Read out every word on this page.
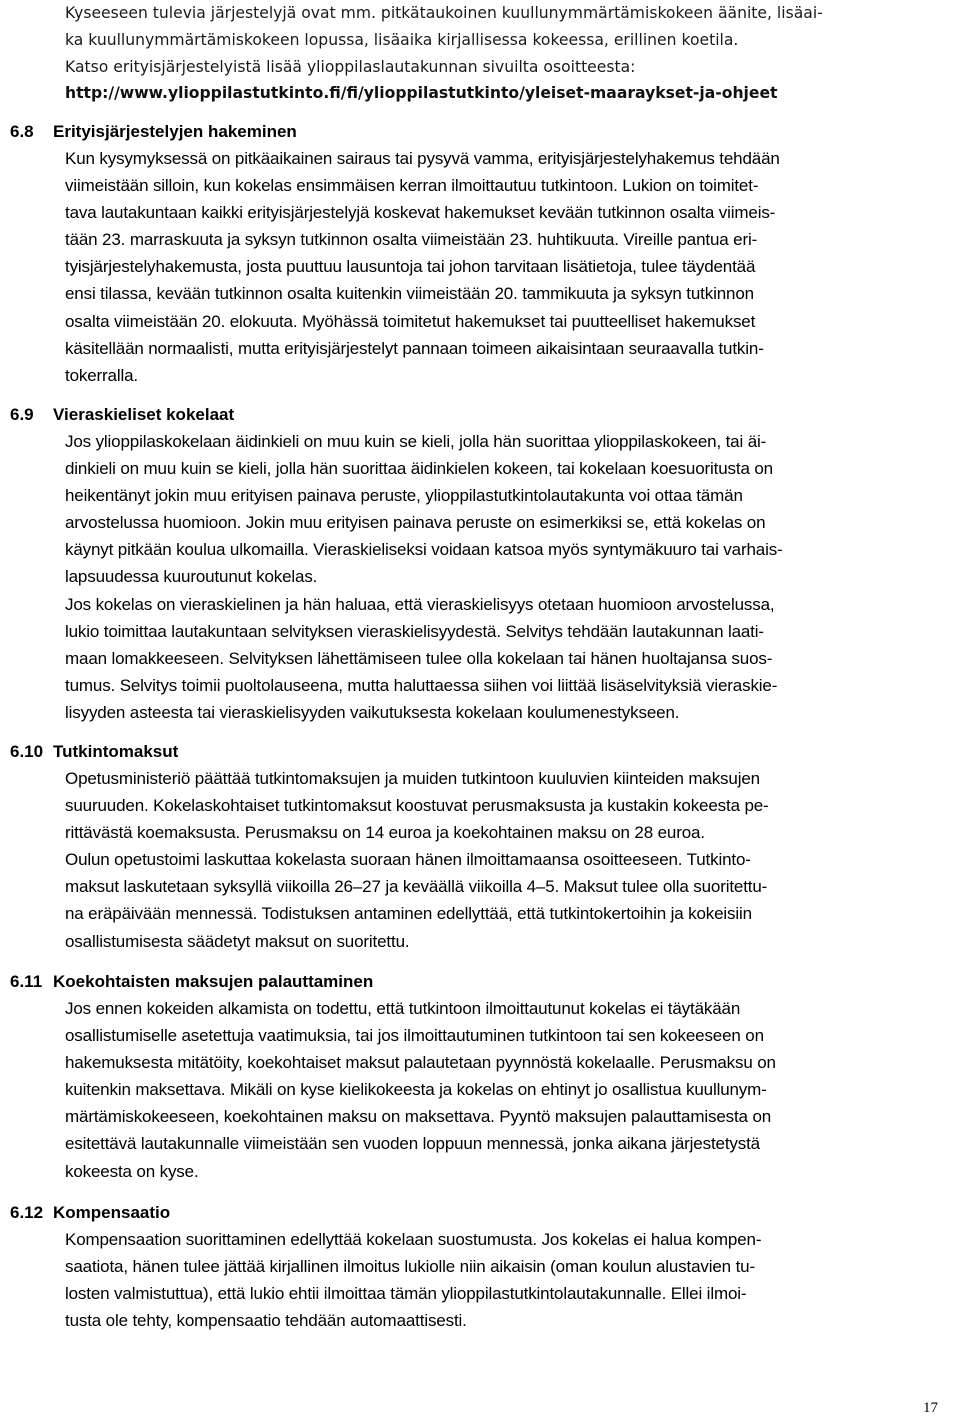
Kyseeseen tulevia järjestelyjä ovat mm. pitkätaukoinen kuullunymmärtämiskokeen äänite, lisäai-
ka kuullunymmärtämiskokeen lopussa, lisäaika kirjallisessa kokeessa, erillinen koetila.
Katso erityisjärjestelyistä lisää ylioppilaslautakunnan sivuilta osoitteesta:
http://www.ylioppilastutkinto.fi/fi/ylioppilastutkinto/yleiset-maaraykset-ja-ohjeet
6.8	Erityisjärjestelyjen hakeminen
Kun kysymyksessä on pitkäaikainen sairaus tai pysyvä vamma, erityisjärjestelyhakemus tehdään
viimeistään silloin, kun kokelas ensimmäisen kerran ilmoittautuu tutkintoon. Lukion on toimitet-
tava lautakuntaan kaikki erityisjärjestelyjä koskevat hakemukset kevään tutkinnon osalta viimeis-
tään 23. marraskuuta ja syksyn tutkinnon osalta viimeistään 23. huhtikuuta. Vireille pantua eri-
tyisjärjestelyhakemusta, josta puuttuu lausuntoja tai johon tarvitaan lisätietoja, tulee täydentää
ensi tilassa, kevään tutkinnon osalta kuitenkin viimeistään 20. tammikuuta ja syksyn tutkinnon
osalta viimeistään 20. elokuuta. Myöhässä toimitetut hakemukset tai puutteelliset hakemukset
käsitellään normaalisti, mutta erityisjärjestelyt pannaan toimeen aikaisintaan seuraavalla tutkin-
tokerralla.
6.9	Vieraskieliset kokelaat
Jos ylioppilaskokelaan äidinkieli on muu kuin se kieli, jolla hän suorittaa ylioppilaskokeen, tai äi-
dinkieli on muu kuin se kieli, jolla hän suorittaa äidinkielen kokeen, tai kokelaan koesuoritusta on
heikentänyt jokin muu erityisen painava peruste, ylioppilastutkintolautakunta voi ottaa tämän
arvostelussa huomioon. Jokin muu erityisen painava peruste on esimerkiksi se, että kokelas on
käynyt pitkään koulua ulkomailla. Vieraskieliseksi voidaan katsoa myös syntymäkuuro tai varhais-
lapsuudessa kuuroutunut kokelas.
Jos kokelas on vieraskielinen ja hän haluaa, että vieraskielisyys otetaan huomioon arvostelussa,
lukio toimittaa lautakuntaan selvityksen vieraskielisyydestä. Selvitys tehdään lautakunnan laati-
maan lomakkeeseen. Selvityksen lähettämiseen tulee olla kokelaan tai hänen huoltajansa suos-
tumus. Selvitys toimii puoltolauseena, mutta haluttaessa siihen voi liittää lisäselvityksiä vieraskie-
lisyyden asteesta tai vieraskielisyyden vaikutuksesta kokelaan koulumenestykseen.
6.10 Tutkintomaksut
Opetusministeriö päättää tutkintomaksujen ja muiden tutkintoon kuuluvien kiinteiden maksujen
suuruuden. Kokelaskohtaiset tutkintomaksut koostuvat perusmaksusta ja kustakin kokeesta pe-
rittävästä koemaksusta. Perusmaksu on 14 euroa ja koekohtainen maksu on 28 euroa.
Oulun opetustoimi laskuttaa kokelasta suoraan hänen ilmoittamaansa osoitteeseen. Tutkinto-
maksut laskutetaan syksyllä viikoilla 26–27 ja keväällä viikoilla 4–5. Maksut tulee olla suoritettu-
na eräpäivään mennessä. Todistuksen antaminen edellyttää, että tutkintokertoihin ja kokeisiin
osallistumisesta säädetyt maksut on suoritettu.
6.11 Koekohtaisten maksujen palauttaminen
Jos ennen kokeiden alkamista on todettu, että tutkintoon ilmoittautunut kokelas ei täytäkään
osallistumiselle asetettuja vaatimuksia, tai jos ilmoittautuminen tutkintoon tai sen kokeeseen on
hakemuksesta mitätöity, koekohtaiset maksut palautetaan pyynnöstä kokelaalle. Perusmaksu on
kuitenkin maksettava. Mikäli on kyse kielikokeesta ja kokelas on ehtinyt jo osallistua kuullunym-
märtämiskokeeseen, koekohtainen maksu on maksettava. Pyyntö maksujen palauttamisesta on
esitettävä lautakunnalle viimeistään sen vuoden loppuun mennessä, jonka aikana järjestetystä
kokeesta on kyse.
6.12 Kompensaatio
Kompensaation suorittaminen edellyttää kokelaan suostumusta. Jos kokelas ei halua kompen-
saatiota, hänen tulee jättää kirjallinen ilmoitus lukiolle niin aikaisin (oman koulun alustavien tu-
losten valmistuttua), että lukio ehtii ilmoittaa tämän ylioppilastutkintolautakunnalle. Ellei ilmoi-
tusta ole tehty, kompensaatio tehdään automaattisesti.
17
